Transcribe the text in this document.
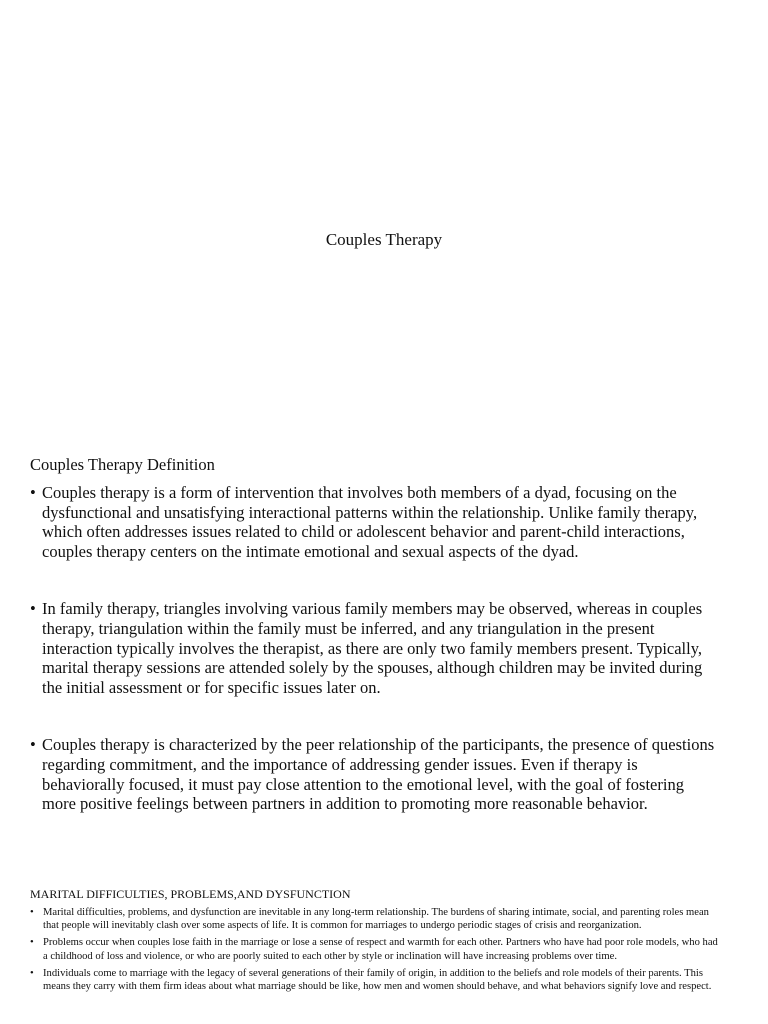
Couples Therapy

Couples Therapy Definition

• Couples therapy is a form of intervention that involves both members of a dyad, focusing on the dysfunctional and unsatisfying interactional patterns within the relationship. Unlike family therapy, which often addresses issues related to child or adolescent behavior and parent-child interactions, couples therapy centers on the intimate emotional and sexual aspects of the dyad.
• In family therapy, triangles involving various family members may be observed, whereas in couples therapy, triangulation within the family must be inferred, and any triangulation in the present interaction typically involves the therapist, as there are only two family members present. Typically, marital therapy sessions are attended solely by the spouses, although children may be invited during the initial assessment or for specific issues later on.
• Couples therapy is characterized by the peer relationship of the participants, the presence of questions regarding commitment, and the importance of addressing gender issues. Even if therapy is behaviorally focused, it must pay close attention to the emotional level, with the goal of fostering more positive feelings between partners in addition to promoting more reasonable behavior.

MARITAL DIFFICULTIES, PROBLEMS,AND DYSFUNCTION

• Marital difficulties, problems, and dysfunction are inevitable in any long-term relationship. The burdens of sharing intimate, social, and parenting roles mean that people will inevitably clash over some aspects of life. It is common for marriages to undergo periodic stages of crisis and reorganization.
• Problems occur when couples lose faith in the marriage or lose a sense of respect and warmth for each other. Partners who have had poor role models, who had a childhood of loss and violence, or who are poorly suited to each other by style or inclination will have increasing problems over time.
• Individuals come to marriage with the legacy of several generations of their family of origin, in addition to the beliefs and role models of their parents. This means they carry with them firm ideas about what marriage should be like, how men and women should behave, and what behaviors signify love and respect.
